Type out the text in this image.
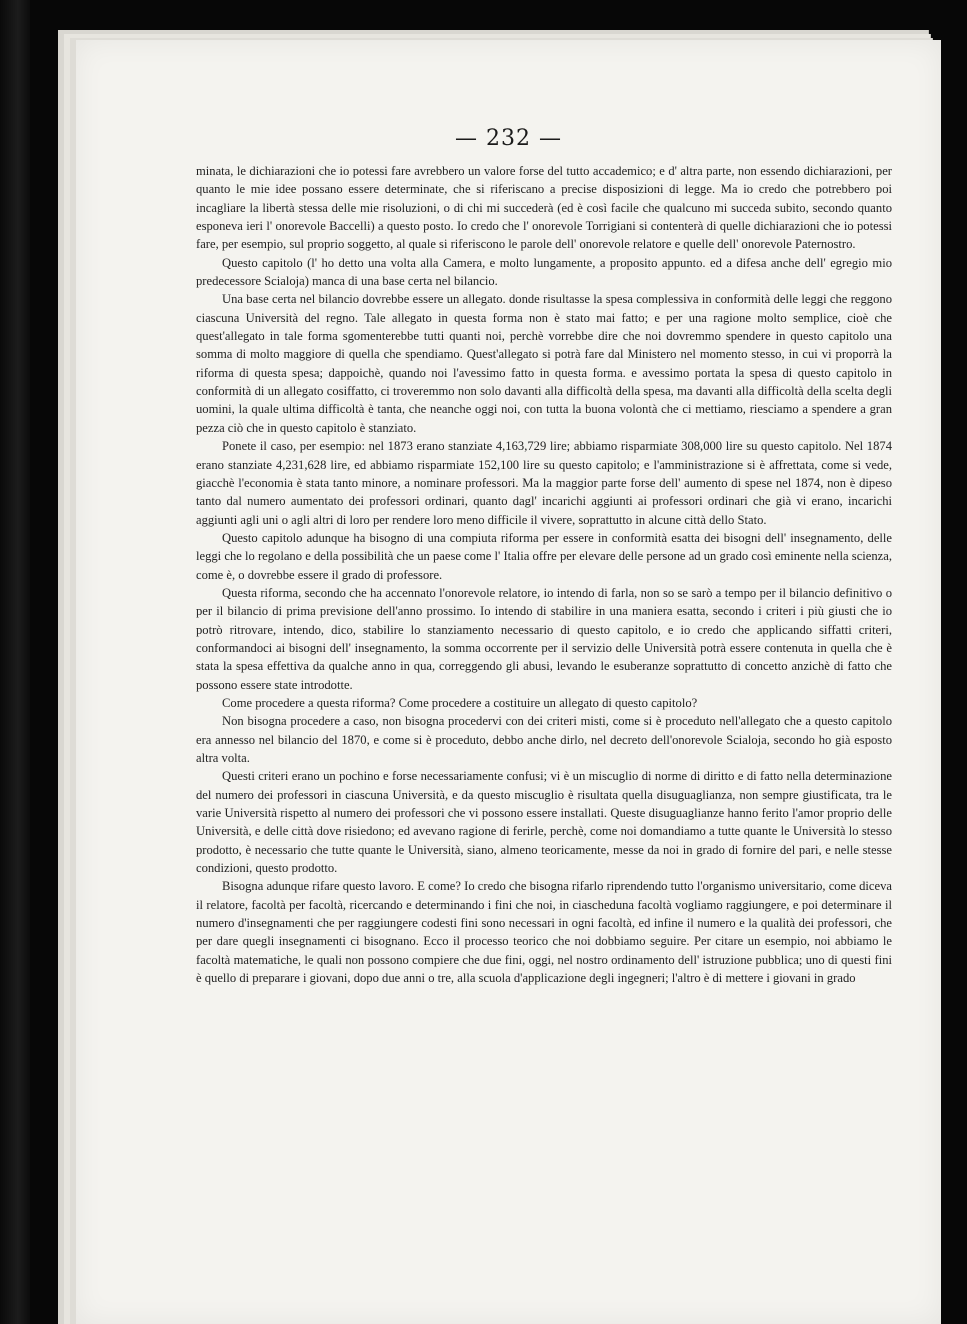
— 232 —

minata, le dichiarazioni che io potessi fare avrebbero un valore forse del tutto accademico; e d' altra parte, non essendo dichiarazioni, per quanto le mie idee possano essere determinate, che si riferiscano a precise disposizioni di legge. Ma io credo che potrebbero poi incagliare la libertà stessa delle mie risoluzioni, o di chi mi succederà (ed è così facile che qualcuno mi succeda subito, secondo quanto esponeva ieri l' onorevole Baccelli) a questo posto. Io credo che l' onorevole Torrigiani si contenterà di quelle dichiarazioni che io potessi fare, per esempio, sul proprio soggetto, al quale si riferiscono le parole dell' onorevole relatore e quelle dell' onorevole Paternostro.

Questo capitolo (l' ho detto una volta alla Camera, e molto lungamente, a proposito appunto. ed a difesa anche dell' egregio mio predecessore Scialoja) manca di una base certa nel bilancio.

Una base certa nel bilancio dovrebbe essere un allegato. donde risultasse la spesa complessiva in conformità delle leggi che reggono ciascuna Università del regno. Tale allegato in questa forma non è stato mai fatto; e per una ragione molto semplice, cioè che quest'allegato in tale forma sgomenterebbe tutti quanti noi, perchè vorrebbe dire che noi dovremmo spendere in questo capitolo una somma di molto maggiore di quella che spendiamo. Quest'allegato si potrà fare dal Ministero nel momento stesso, in cui vi proporrà la riforma di questa spesa; dappoichè, quando noi l'avessimo fatto in questa forma. e avessimo portata la spesa di questo capitolo in conformità di un allegato cosiffatto, ci troveremmo non solo davanti alla difficoltà della spesa, ma davanti alla difficoltà della scelta degli uomini, la quale ultima difficoltà è tanta, che neanche oggi noi, con tutta la buona volontà che ci mettiamo, riesciamo a spendere a gran pezza ciò che in questo capitolo è stanziato.

Ponete il caso, per esempio: nel 1873 erano stanziate 4,163,729 lire; abbiamo risparmiate 308,000 lire su questo capitolo. Nel 1874 erano stanziate 4,231,628 lire, ed abbiamo risparmiate 152,100 lire su questo capitolo; e l'amministrazione si è affrettata, come si vede, giacchè l'economia è stata tanto minore, a nominare professori. Ma la maggior parte forse dell' aumento di spese nel 1874, non è dipeso tanto dal numero aumentato dei professori ordinari, quanto dagl' incarichi aggiunti ai professori ordinari che già vi erano, incarichi aggiunti agli uni o agli altri di loro per rendere loro meno difficile il vivere, soprattutto in alcune città dello Stato.

Questo capitolo adunque ha bisogno di una compiuta riforma per essere in conformità esatta dei bisogni dell' insegnamento, delle leggi che lo regolano e della possibilità che un paese come l' Italia offre per elevare delle persone ad un grado così eminente nella scienza, come è, o dovrebbe essere il grado di professore.

Questa riforma, secondo che ha accennato l'onorevole relatore, io intendo di farla, non so se sarò a tempo per il bilancio definitivo o per il bilancio di prima previsione dell'anno prossimo. Io intendo di stabilire in una maniera esatta, secondo i criteri i più giusti che io potrò ritrovare, intendo, dico, stabilire lo stanziamento necessario di questo capitolo, e io credo che applicando siffatti criteri, conformandoci ai bisogni dell' insegnamento, la somma occorrente per il servizio delle Università potrà essere contenuta in quella che è stata la spesa effettiva da qualche anno in qua, correggendo gli abusi, levando le esuberanze soprattutto di concetto anzichè di fatto che possono essere state introdotte.

Come procedere a questa riforma? Come procedere a costituire un allegato di questo capitolo?

Non bisogna procedere a caso, non bisogna procedervi con dei criteri misti, come si è proceduto nell'allegato che a questo capitolo era annesso nel bilancio del 1870, e come si è proceduto, debbo anche dirlo, nel decreto dell'onorevole Scialoja, secondo ho già esposto altra volta.

Questi criteri erano un pochino e forse necessariamente confusi; vi è un miscuglio di norme di diritto e di fatto nella determinazione del numero dei professori in ciascuna Università, e da questo miscuglio è risultata quella disuguaglianza, non sempre giustificata, tra le varie Università rispetto al numero dei professori che vi possono essere installati. Queste disuguaglianze hanno ferito l'amor proprio delle Università, e delle città dove risiedono; ed avevano ragione di ferirle, perchè, come noi domandiamo a tutte quante le Università lo stesso prodotto, è necessario che tutte quante le Università, siano, almeno teoricamente, messe da noi in grado di fornire del pari, e nelle stesse condizioni, questo prodotto.

Bisogna adunque rifare questo lavoro. E come? Io credo che bisogna rifarlo riprendendo tutto l'organismo universitario, come diceva il relatore, facoltà per facoltà, ricercando e determinando i fini che noi, in ciascheduna facoltà vogliamo raggiungere, e poi determinare il numero d'insegnamenti che per raggiungere codesti fini sono necessari in ogni facoltà, ed infine il numero e la qualità dei professori, che per dare quegli insegnamenti ci bisognano. Ecco il processo teorico che noi dobbiamo seguire. Per citare un esempio, noi abbiamo le facoltà matematiche, le quali non possono compiere che due fini, oggi, nel nostro ordinamento dell' istruzione pubblica; uno di questi fini è quello di preparare i giovani, dopo due anni o tre, alla scuola d'applicazione degli ingegneri; l'altro è di mettere i giovani in grado
